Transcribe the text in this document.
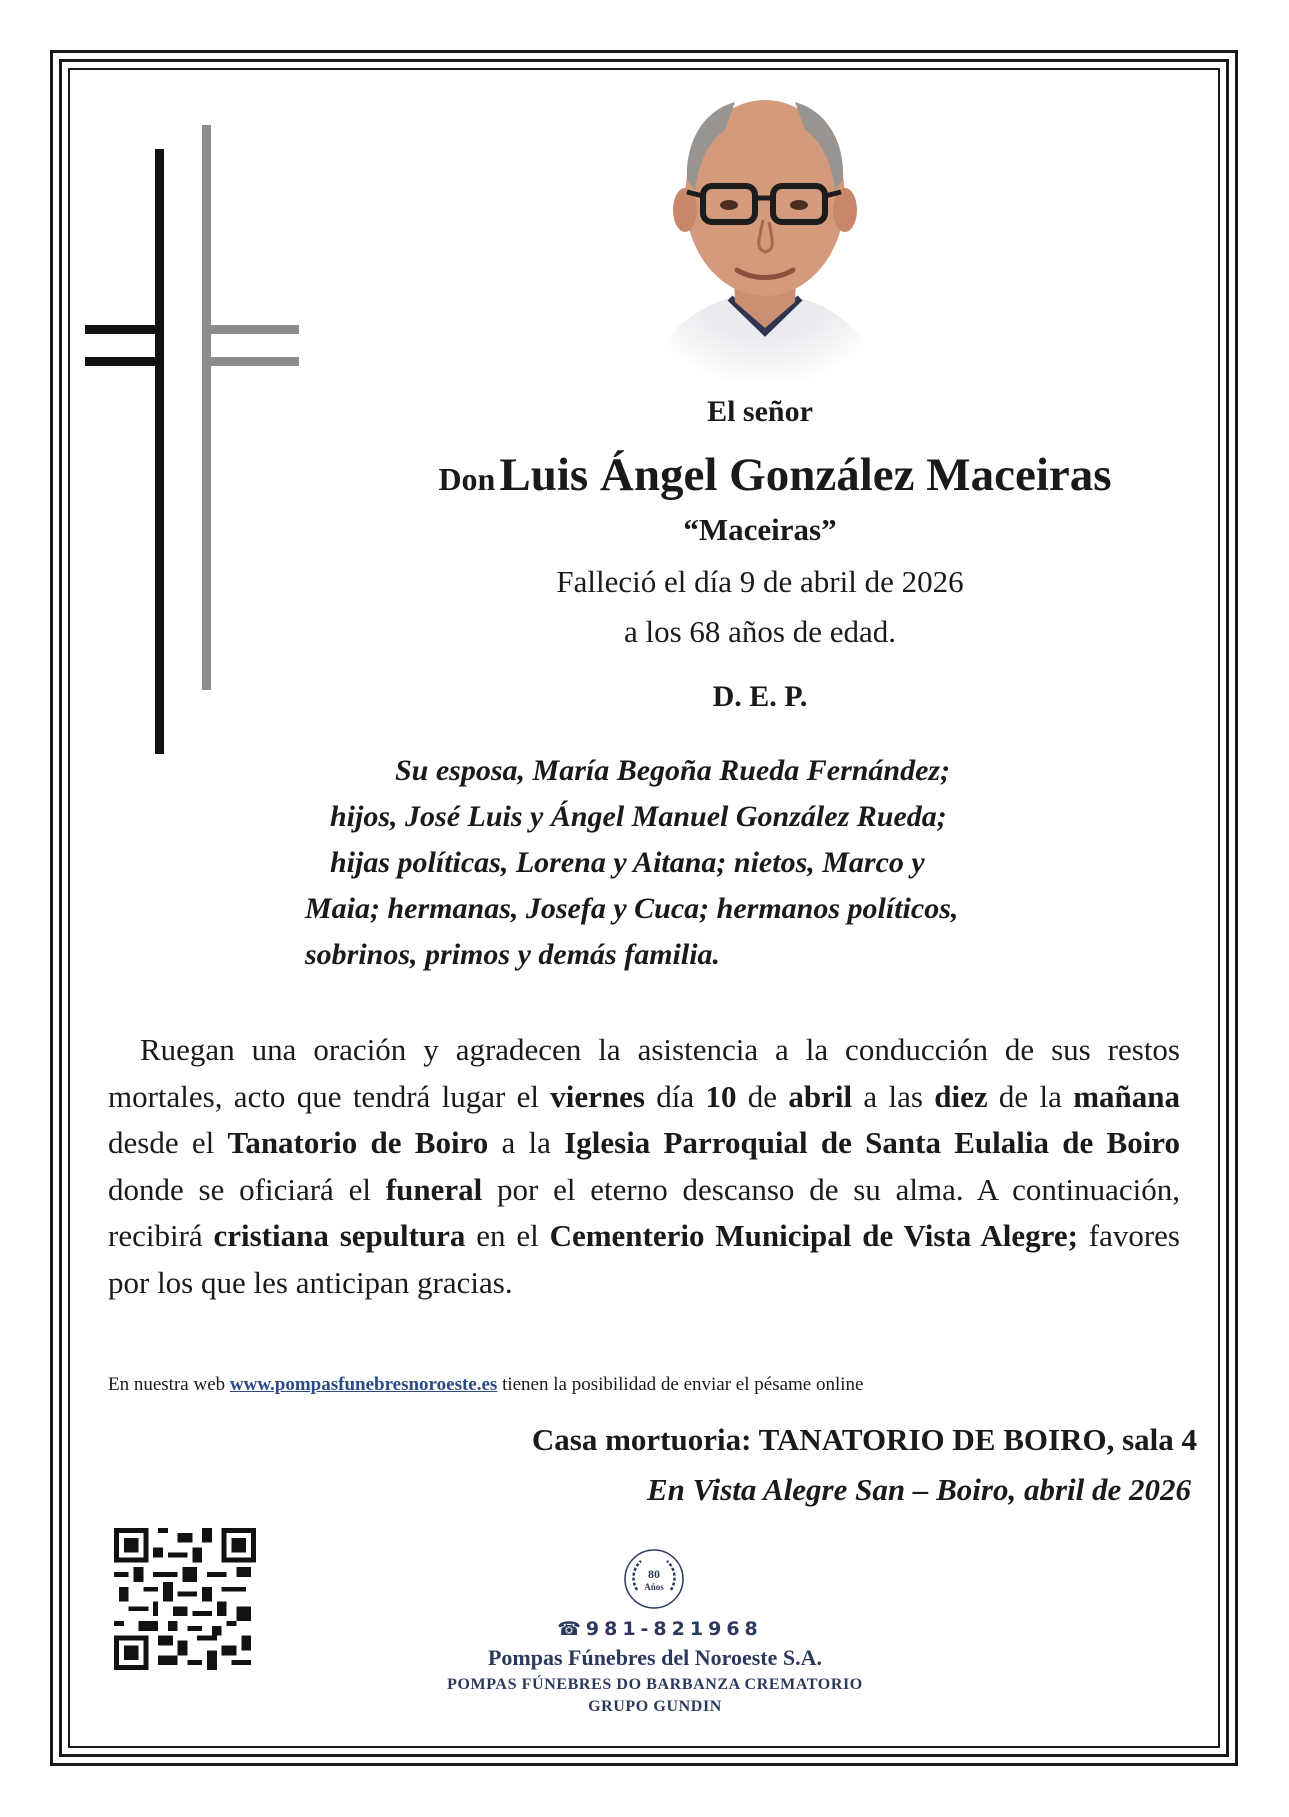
El señor
Don Luis Ángel González Maceiras
“Maceiras”
Falleció el día 9 de abril de 2026
a los 68 años de edad.
D. E. P.
Su esposa, María Begoña Rueda Fernández;
hijos, José Luis y Ángel Manuel González Rueda;
hijas políticas, Lorena y Aitana; nietos, Marco y
Maia; hermanas, Josefa y Cuca; hermanos políticos,
sobrinos, primos y demás familia.
Ruegan una oración y agradecen la asistencia a la conducción de sus restos mortales, acto que tendrá lugar el viernes día 10 de abril a las diez de la mañana desde el Tanatorio de Boiro a la Iglesia Parroquial de Santa Eulalia de Boiro donde se oficiará el funeral por el eterno descanso de su alma. A continuación, recibirá cristiana sepultura en el Cementerio Municipal de Vista Alegre; favores por los que les anticipan gracias.
En nuestra web www.pompasfunebresnoroeste.es tienen la posibilidad de enviar el pésame online
Casa mortuoria: TANATORIO DE BOIRO, sala 4
En Vista Alegre San – Boiro, abril de 2026
80
Años
☎981-821968
Pompas Fúnebres del Noroeste S.A.
POMPAS FÚNEBRES DO BARBANZA CREMATORIO
GRUPO GUNDIN
